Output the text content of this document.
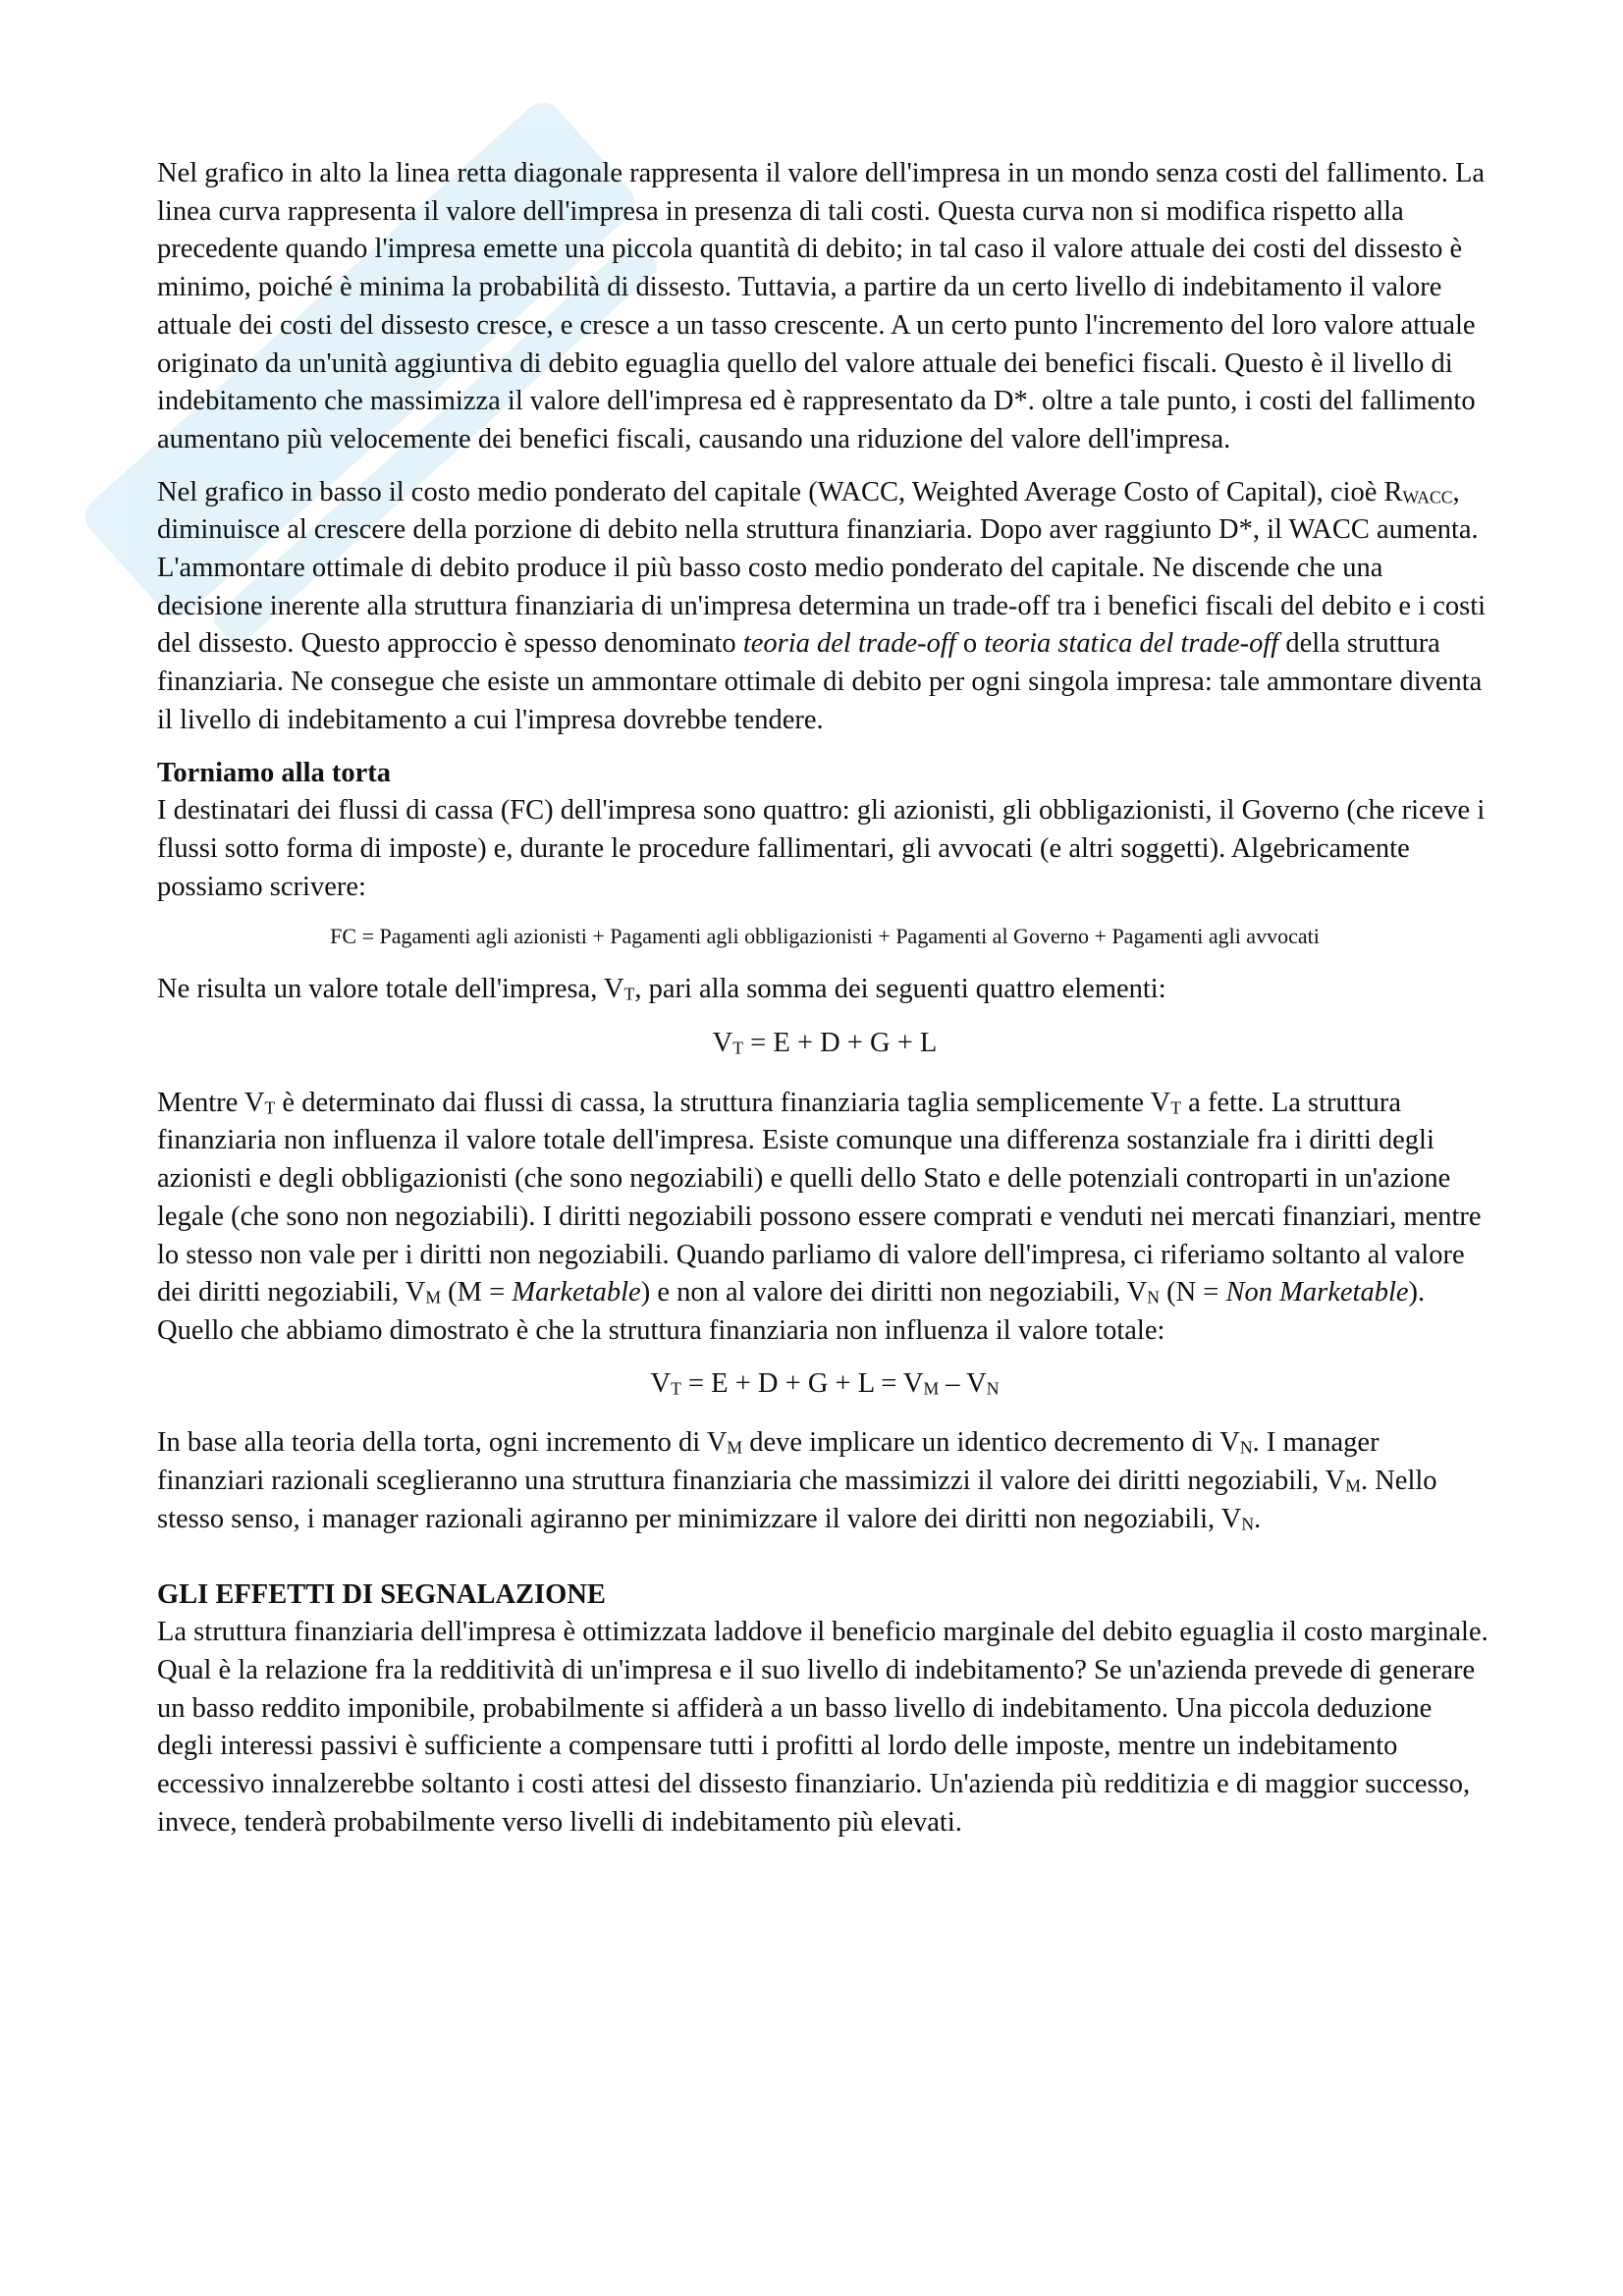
Nel grafico in alto la linea retta diagonale rappresenta il valore dell'impresa in un mondo senza costi del fallimento. La linea curva rappresenta il valore dell'impresa in presenza di tali costi. Questa curva non si modifica rispetto alla precedente quando l'impresa emette una piccola quantità di debito; in tal caso il valore attuale dei costi del dissesto è minimo, poiché è minima la probabilità di dissesto. Tuttavia, a partire da un certo livello di indebitamento il valore attuale dei costi del dissesto cresce, e cresce a un tasso crescente. A un certo punto l'incremento del loro valore attuale originato da un'unità aggiuntiva di debito eguaglia quello del valore attuale dei benefici fiscali. Questo è il livello di indebitamento che massimizza il valore dell'impresa ed è rappresentato da D*. oltre a tale punto, i costi del fallimento aumentano più velocemente dei benefici fiscali, causando una riduzione del valore dell'impresa.

Nel grafico in basso il costo medio ponderato del capitale (WACC, Weighted Average Costo of Capital), cioè $R_{WACC}$, diminuisce al crescere della porzione di debito nella struttura finanziaria. Dopo aver raggiunto D*, il WACC aumenta. L'ammontare ottimale di debito produce il più basso costo medio ponderato del capitale. Ne discende che una decisione inerente alla struttura finanziaria di un'impresa determina un trade-off tra i benefici fiscali del debito e i costi del dissesto. Questo approccio è spesso denominato teoria del trade-off o teoria statica del trade-off della struttura finanziaria. Ne consegue che esiste un ammontare ottimale di debito per ogni singola impresa: tale ammontare diventa il livello di indebitamento a cui l'impresa dovrebbe tendere.

Torniamo alla torta

I destinatari dei flussi di cassa (FC) dell'impresa sono quattro: gli azionisti, gli obbligazionisti, il Governo (che riceve i flussi sotto forma di imposte) e, durante le procedure fallimentari, gli avvocati (e altri soggetti). Algebricamente possiamo scrivere:

FC = Pagamenti agli azionisti + Pagamenti agli obbligazionisti + Pagamenti al Governo + Pagamenti agli avvocati

Ne risulta un valore totale dell'impresa, $V_T$, pari alla somma dei seguenti quattro elementi:

$V_T = E + D + G + L$

Mentre $V_T$ è determinato dai flussi di cassa, la struttura finanziaria taglia semplicemente $V_T$ a fette. La struttura finanziaria non influenza il valore totale dell'impresa. Esiste comunque una differenza sostanziale fra i diritti degli azionisti e degli obbligazionisti (che sono negoziabili) e quelli dello Stato e delle potenziali controparti in un'azione legale (che sono non negoziabili). I diritti negoziabili possono essere comprati e venduti nei mercati finanziari, mentre lo stesso non vale per i diritti non negoziabili. Quando parliamo di valore dell'impresa, ci riferiamo soltanto al valore dei diritti negoziabili, $V_M$ (M = Marketable) e non al valore dei diritti non negoziabili, $V_N$ (N = Non Marketable). Quello che abbiamo dimostrato è che la struttura finanziaria non influenza il valore totale:

$V_T = E + D + G + L = V_M - V_N$

In base alla teoria della torta, ogni incremento di $V_M$ deve implicare un identico decremento di $V_N$. I manager finanziari razionali sceglieranno una struttura finanziaria che massimizzi il valore dei diritti negoziabili, $V_M$. Nello stesso senso, i manager razionali agiranno per minimizzare il valore dei diritti non negoziabili, $V_N$.

GLI EFFETTI DI SEGNALAZIONE

La struttura finanziaria dell'impresa è ottimizzata laddove il beneficio marginale del debito eguaglia il costo marginale. Qual è la relazione fra la redditività di un'impresa e il suo livello di indebitamento? Se un'azienda prevede di generare un basso reddito imponibile, probabilmente si affiderà a un basso livello di indebitamento. Una piccola deduzione degli interessi passivi è sufficiente a compensare tutti i profitti al lordo delle imposte, mentre un indebitamento eccessivo innalzerebbe soltanto i costi attesi del dissesto finanziario. Un'azienda più redditizia e di maggior successo, invece, tenderà probabilmente verso livelli di indebitamento più elevati.
